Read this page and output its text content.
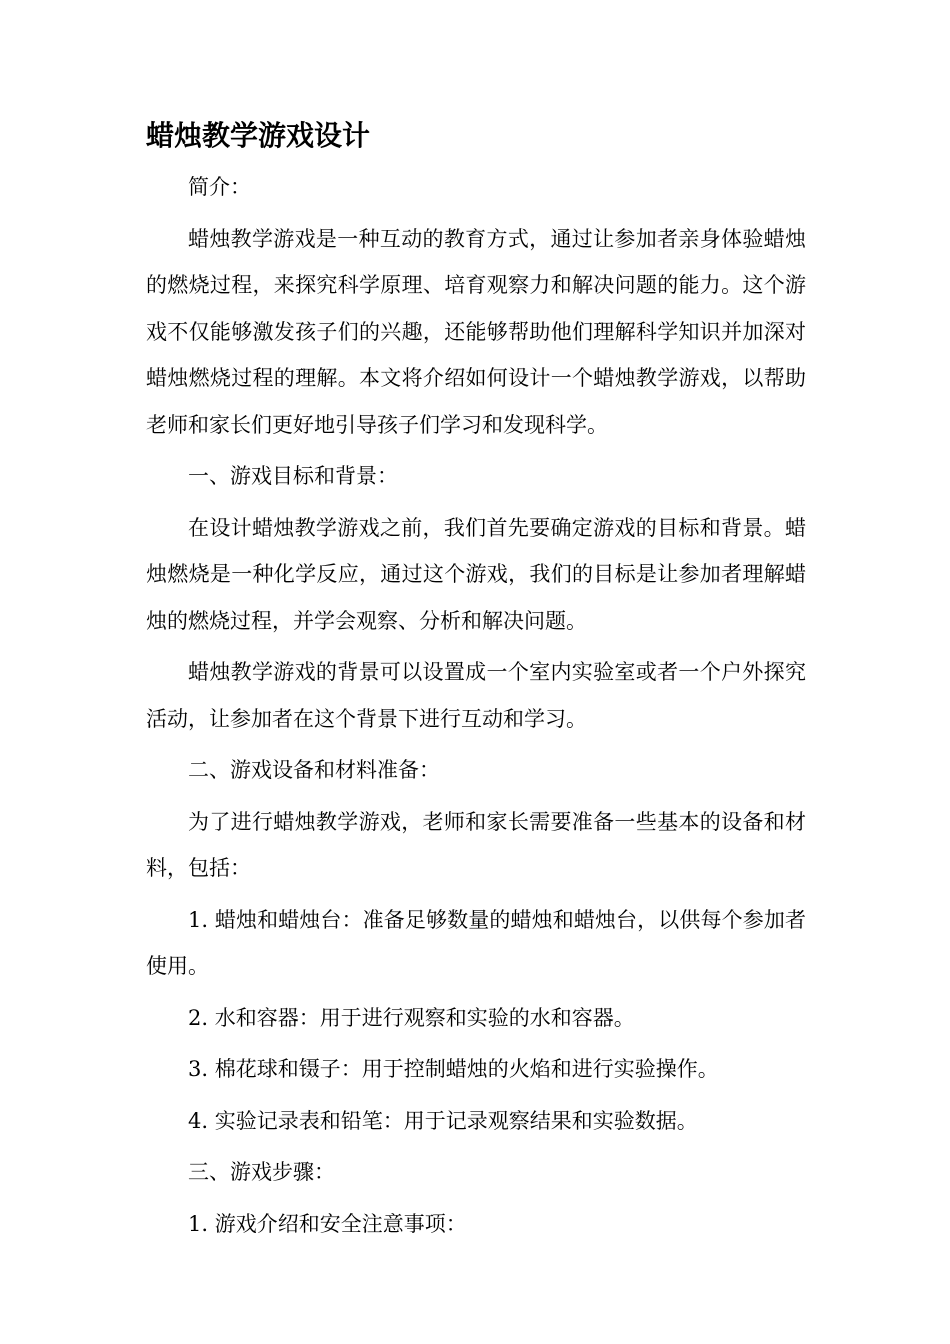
蜡烛教学游戏设计

简介：

蜡烛教学游戏是一种互动的教育方式，通过让参加者亲身体验蜡烛的燃烧过程，来探究科学原理、培育观察力和解决问题的能力。这个游戏不仅能够激发孩子们的兴趣，还能够帮助他们理解科学知识并加深对蜡烛燃烧过程的理解。本文将介绍如何设计一个蜡烛教学游戏，以帮助老师和家长们更好地引导孩子们学习和发现科学。

一、游戏目标和背景：

在设计蜡烛教学游戏之前，我们首先要确定游戏的目标和背景。蜡烛燃烧是一种化学反应，通过这个游戏，我们的目标是让参加者理解蜡烛的燃烧过程，并学会观察、分析和解决问题。

蜡烛教学游戏的背景可以设置成一个室内实验室或者一个户外探究活动，让参加者在这个背景下进行互动和学习。

二、游戏设备和材料准备：

为了进行蜡烛教学游戏，老师和家长需要准备一些基本的设备和材料，包括：

1. 蜡烛和蜡烛台：准备足够数量的蜡烛和蜡烛台，以供每个参加者使用。

2. 水和容器：用于进行观察和实验的水和容器。

3. 棉花球和镊子：用于控制蜡烛的火焰和进行实验操作。

4. 实验记录表和铅笔：用于记录观察结果和实验数据。

三、游戏步骤：

1. 游戏介绍和安全注意事项：
